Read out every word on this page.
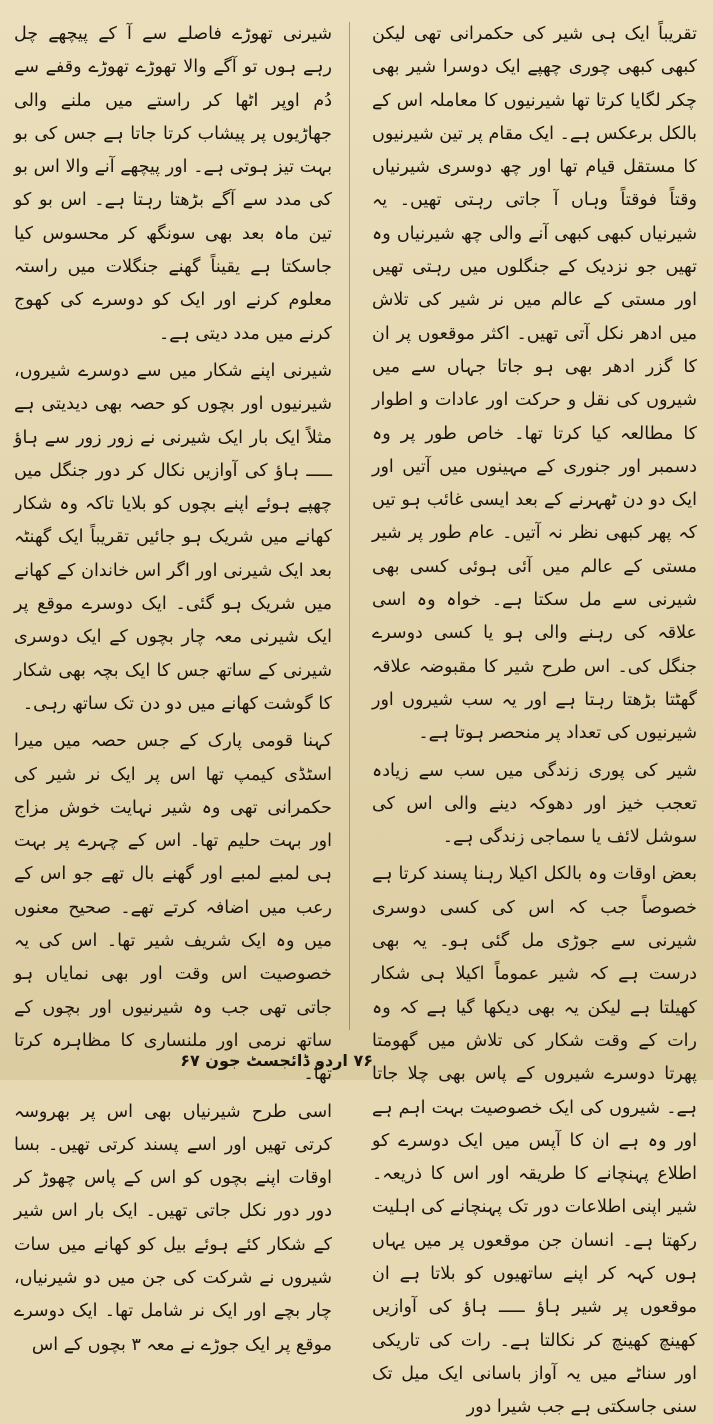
تقریباً ایک ہی شیر کی حکمرانی تھی لیکن کبھی کبھی چوری چھپے ایک دوسرا شیر بھی چکر لگایا کرتا تھا شیرنیوں کا معاملہ اس کے بالکل برعکس ہے۔ ایک مقام پر تین شیرنیوں کا مستقل قیام تھا اور چھ دوسری شیرنیاں وقتاً فوقتاً وہاں آ جاتی رہتی تھیں۔ یہ شیرنیاں کبھی کبھی آنے والی چھ شیرنیاں وہ تھیں جو نزدیک کے جنگلوں میں رہتی تھیں اور مستی کے عالم میں نر شیر کی تلاش میں ادھر نکل آتی تھیں۔ اکثر موقعوں پر ان کا گزر ادھر بھی ہو جاتا جہاں سے میں شیروں کی نقل و حرکت اور عادات و اطوار کا مطالعہ کیا کرتا تھا۔ خاص طور پر وہ دسمبر اور جنوری کے مہینوں میں آتیں اور ایک دو دن ٹھہرنے کے بعد ایسی غائب ہو تیں کہ پھر کبھی نظر نہ آتیں۔ عام طور پر شیر مستی کے عالم میں آئی ہوئی کسی بھی شیرنی سے مل سکتا ہے۔ خواہ وہ اسی علاقہ کی رہنے والی ہو یا کسی دوسرے جنگل کی۔ اس طرح شیر کا مقبوضہ علاقہ گھٹتا بڑھتا رہتا ہے اور یہ سب شیروں اور شیرنیوں کی تعداد پر منحصر ہوتا ہے۔

شیر کی پوری زندگی میں سب سے زیادہ تعجب خیز اور دھوکہ دینے والی اس کی سوشل لائف یا سماجی زندگی ہے۔

بعض اوقات وہ بالکل اکیلا رہنا پسند کرتا ہے خصوصاً جب کہ اس کی کسی دوسری شیرنی سے جوڑی مل گئی ہو۔ یہ بھی درست ہے کہ شیر عموماً اکیلا ہی شکار کھیلتا ہے لیکن یہ بھی دیکھا گیا ہے کہ وہ رات کے وقت شکار کی تلاش میں گھومتا پھرتا دوسرے شیروں کے پاس بھی چلا جاتا ہے۔ شیروں کی ایک خصوصیت بہت اہم ہے اور وہ ہے ان کا آپس میں ایک دوسرے کو اطلاع پہنچانے کا طریقہ اور اس کا ذریعہ۔ شیر اپنی اطلاعات دور تک پہنچانے کی اہلیت رکھتا ہے۔ انسان جن موقعوں پر میں یہاں ہوں کہہ کر اپنے ساتھیوں کو بلاتا ہے ان موقعوں پر شیر ہاؤ ـــــ ہاؤ کی آوازیں کھینچ کھینچ کر نکالتا ہے۔ رات کی تاریکی اور سناٹے میں یہ آواز باسانی ایک میل تک سنی جاسکتی ہے جب شیرا دور

شیرنی تھوڑے فاصلے سے آ کے پیچھے چل رہے ہوں تو آگے والا تھوڑے تھوڑے وقفے سے دُم اوپر اٹھا کر راستے میں ملنے والی جھاڑیوں پر پیشاب کرتا جاتا ہے جس کی بو بہت تیز ہوتی ہے۔ اور پیچھے آنے والا اس بو کی مدد سے آگے بڑھتا رہتا ہے۔ اس بو کو تین ماہ بعد بھی سونگھ کر محسوس کیا جاسکتا ہے یقیناً گھنے جنگلات میں راستہ معلوم کرنے اور ایک کو دوسرے کی کھوج کرنے میں مدد دیتی ہے۔

شیرنی اپنے شکار میں سے دوسرے شیروں، شیرنیوں اور بچوں کو حصہ بھی دیدیتی ہے مثلاً ایک بار ایک شیرنی نے زور زور سے ہاؤ ـــــ ہاؤ کی آوازیں نکال کر دور جنگل میں چھپے ہوئے اپنے بچوں کو بلایا تاکہ وہ شکار کھانے میں شریک ہو جائیں تقریباً ایک گھنٹہ بعد ایک شیرنی اور اگر اس خاندان کے کھانے میں شریک ہو گئی۔ ایک دوسرے موقع پر ایک شیرنی معہ چار بچوں کے ایک دوسری شیرنی کے ساتھ جس کا ایک بچہ بھی شکار کا گوشت کھانے میں دو دن تک ساتھ رہی۔

کہنا قومی پارک کے جس حصہ میں میرا اسٹڈی کیمپ تھا اس پر ایک نر شیر کی حکمرانی تھی وہ شیر نہایت خوش مزاج اور بہت حلیم تھا۔ اس کے چہرے پر بہت ہی لمبے لمبے اور گھنے بال تھے جو اس کے رعب میں اضافہ کرتے تھے۔ صحیح معنوں میں وہ ایک شریف شیر تھا۔ اس کی یہ خصوصیت اس وقت اور بھی نمایاں ہو جاتی تھی جب وہ شیرنیوں اور بچوں کے ساتھ نرمی اور ملنساری کا مظاہرہ کرتا تھا۔

اسی طرح شیرنیاں بھی اس پر بھروسہ کرتی تھیں اور اسے پسند کرتی تھیں۔ بسا اوقات اپنے بچوں کو اس کے پاس چھوڑ کر دور دور نکل جاتی تھیں۔ ایک بار اس شیر کے شکار کئے ہوئے بیل کو کھانے میں سات شیروں نے شرکت کی جن میں دو شیرنیاں، چار بچے اور ایک نر شامل تھا۔ ایک دوسرے موقع پر ایک جوڑے نے معہ ۳ بچوں کے اس

۷۶ اردو ڈائجسٹ جون ۶۷
